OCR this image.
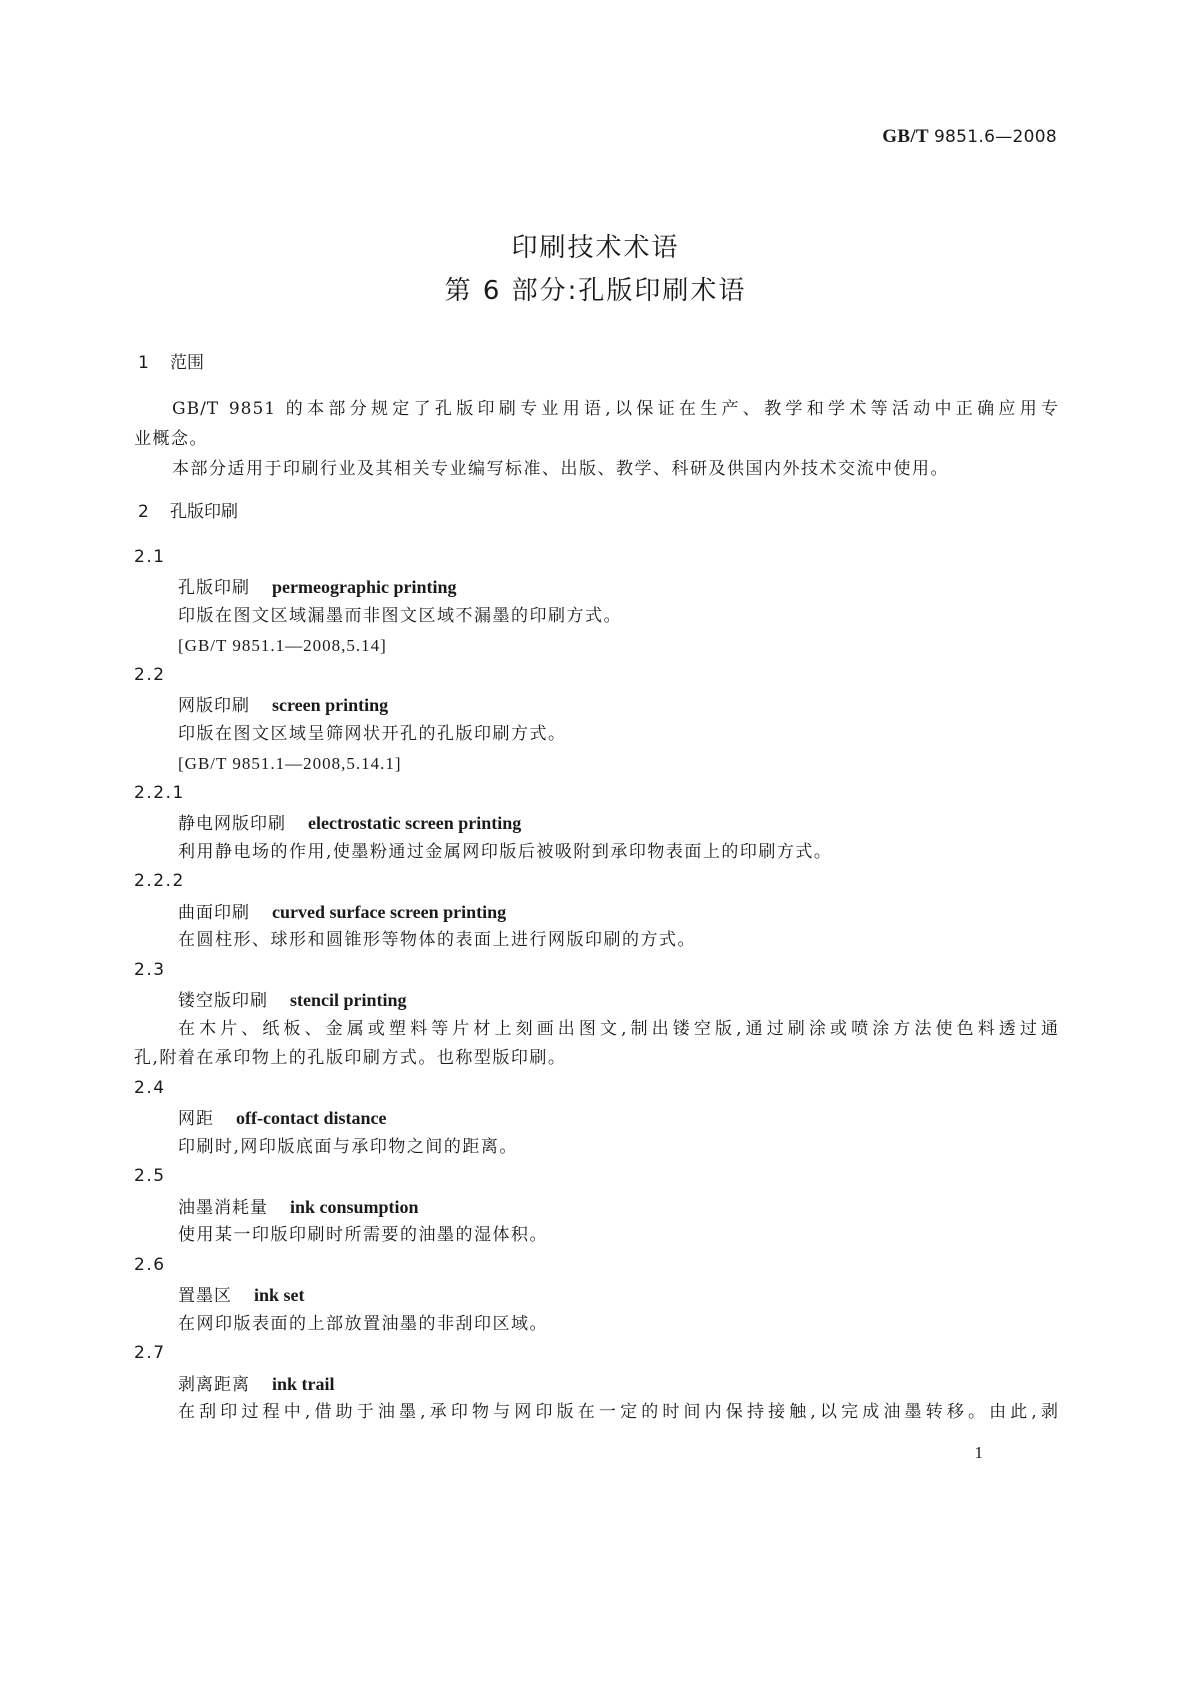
GB/T 9851.6—2008
印刷技术术语
第 6 部分:孔版印刷术语
1 范围
GB/T 9851 的本部分规定了孔版印刷专业用语,以保证在生产、教学和学术等活动中正确应用专
业概念。
本部分适用于印刷行业及其相关专业编写标准、出版、教学、科研及供国内外技术交流中使用。
2 孔版印刷
2.1
孔版印刷 permeographic printing
印版在图文区域漏墨而非图文区域不漏墨的印刷方式。
[GB/T 9851.1—2008,5.14]
2.2
网版印刷 screen printing
印版在图文区域呈筛网状开孔的孔版印刷方式。
[GB/T 9851.1—2008,5.14.1]
2.2.1
静电网版印刷 electrostatic screen printing
利用静电场的作用,使墨粉通过金属网印版后被吸附到承印物表面上的印刷方式。
2.2.2
曲面印刷 curved surface screen printing
在圆柱形、球形和圆锥形等物体的表面上进行网版印刷的方式。
2.3
镂空版印刷 stencil printing
在木片、纸板、金属或塑料等片材上刻画出图文,制出镂空版,通过刷涂或喷涂方法使色料透过通
孔,附着在承印物上的孔版印刷方式。也称型版印刷。
2.4
网距 off-contact distance
印刷时,网印版底面与承印物之间的距离。
2.5
油墨消耗量 ink consumption
使用某一印版印刷时所需要的油墨的湿体积。
2.6
置墨区 ink set
在网印版表面的上部放置油墨的非刮印区域。
2.7
剥离距离 ink trail
在刮印过程中,借助于油墨,承印物与网印版在一定的时间内保持接触,以完成油墨转移。由此,剥
1
